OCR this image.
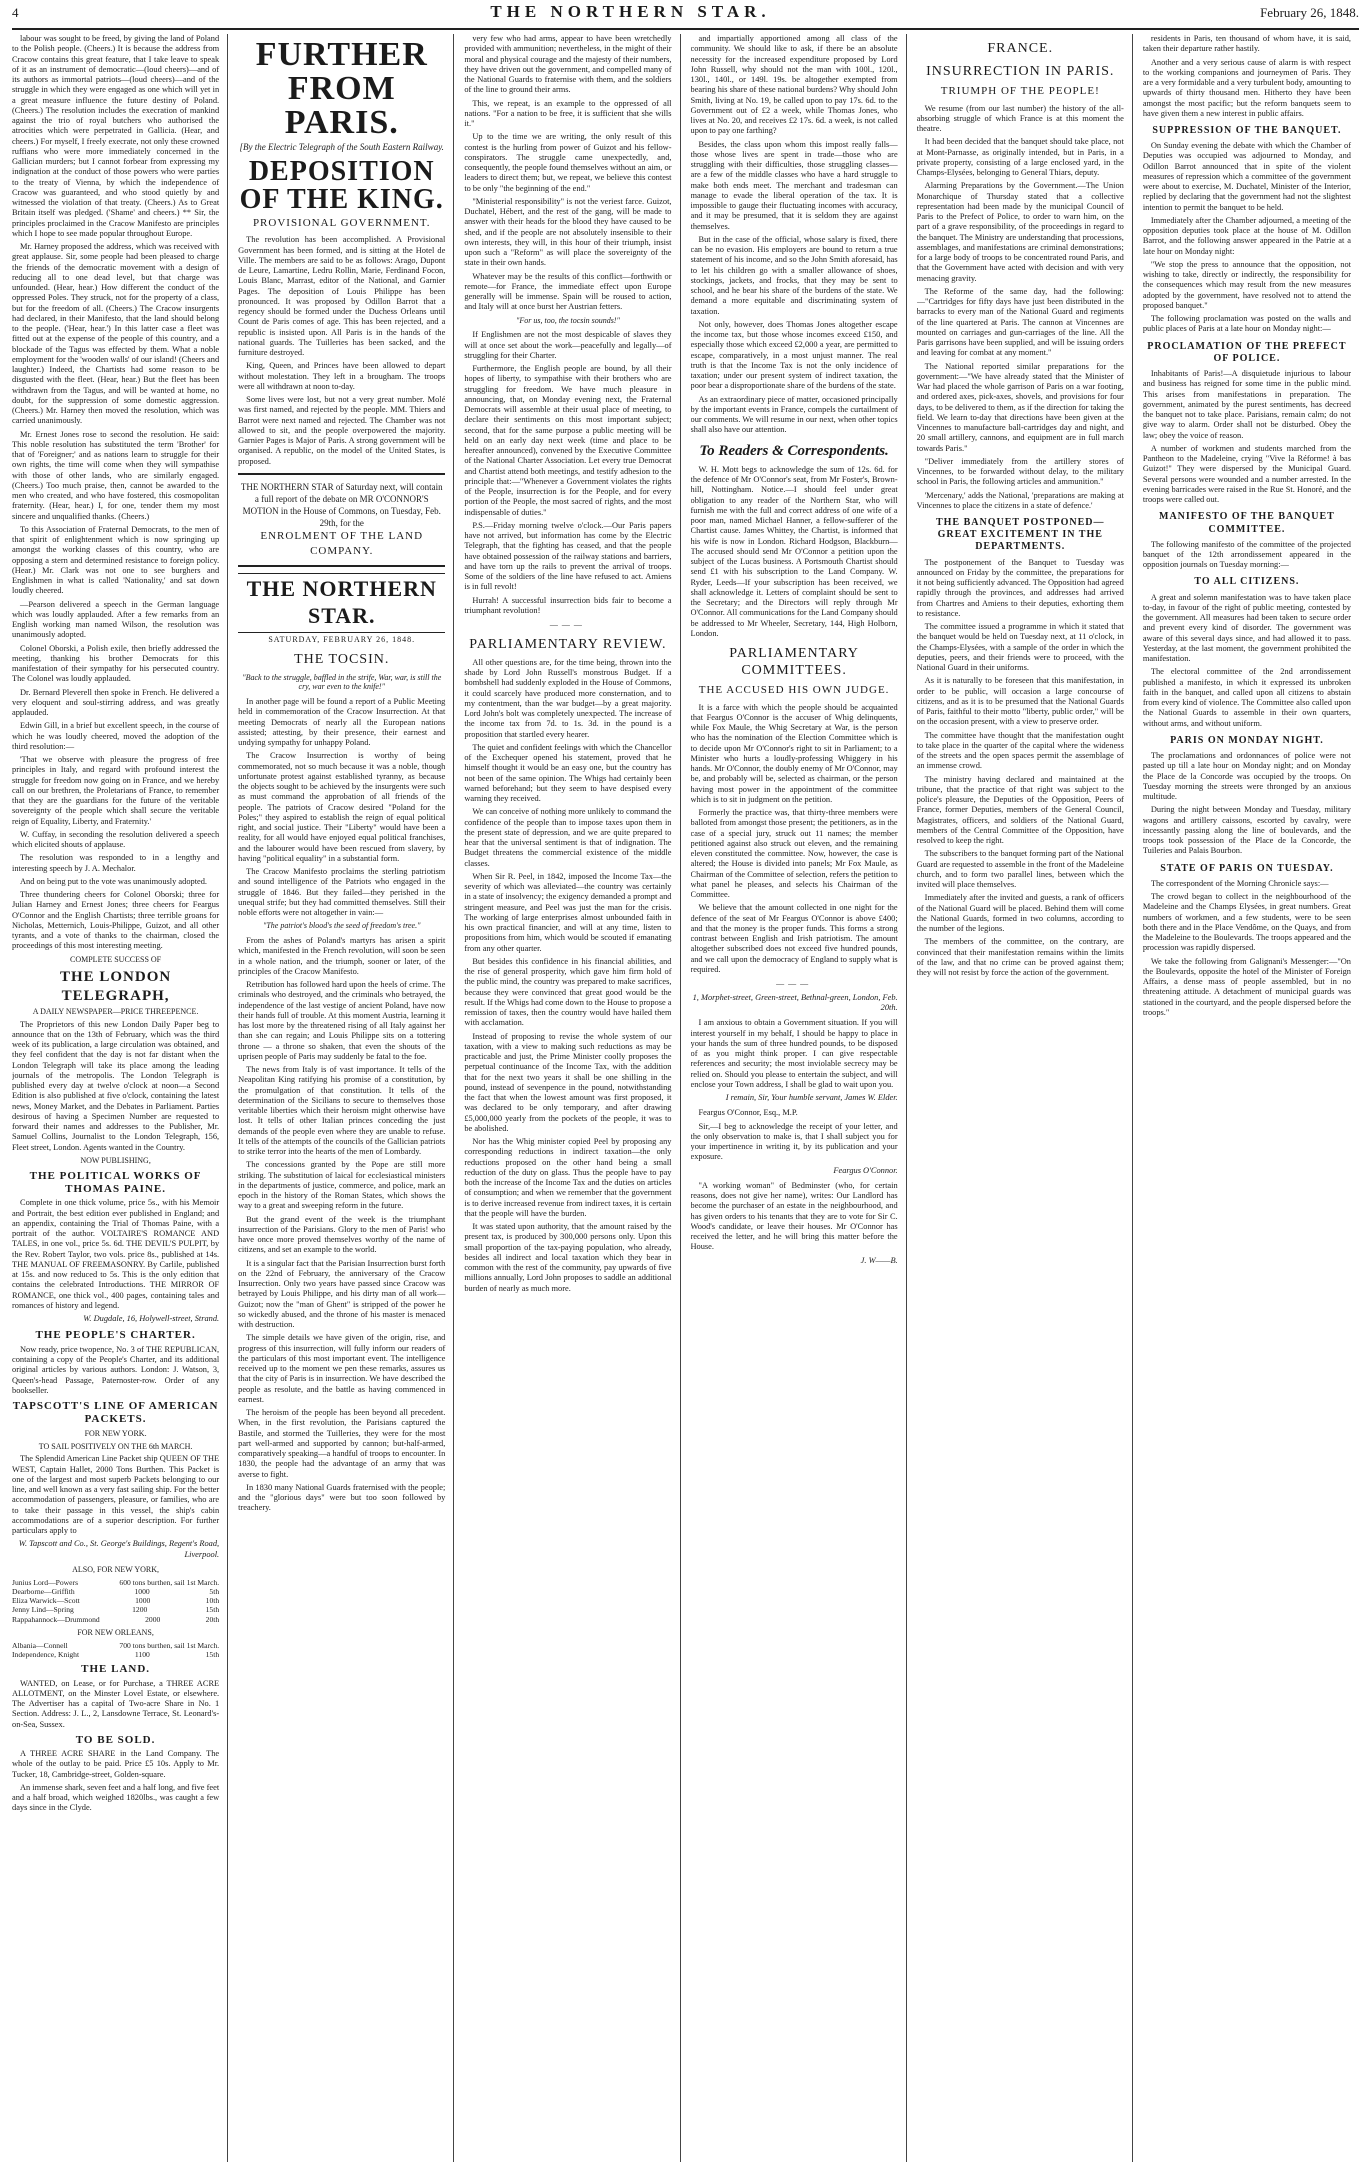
4	THE NORTHERN STAR.	February 26, 1848.

labour was sought to be freed, by giving the land of Poland to the Polish people. (Cheers.) It is because the address from Cracow contains this great feature, that I take leave to speak of it as an instrument of democratic—(loud cheers)—and of its authors as immortal patriots—(loud cheers)—and of the struggle in which they were engaged as one which will yet in a great measure influence the future destiny of Poland. (Cheers.) The resolution includes the execration of mankind against the trio of royal butchers who authorised the atrocities which were perpetrated in Gallicia. (Hear, and cheers.) For myself, I freely execrate, not only these crowned ruffians who were more immediately concerned in the Gallician murders; but I cannot forbear from expressing my indignation at the conduct of those powers who were parties to the treaty of Vienna, by which the independence of Cracow was guaranteed, and who stood quietly by and witnessed the violation of that treaty. (Cheers.) As to Great Britain itself was pledged. ('Shame' and cheers.) ** Sir, the principles proclaimed in the Cracow Manifesto are principles which I hope to see made popular throughout Europe.

Mr. Harney proposed the address, which was received with great applause. Sir, some people had been pleased to charge the friends of the democratic movement with a design of reducing all to one dead level, but that charge was unfounded. (Hear, hear.) How different the conduct of the oppressed Poles. They struck, not for the property of a class, but for the freedom of all. (Cheers.) The Cracow insurgents had declared, in their Manifesto, that the land should belong to the people. ('Hear, hear.') In this latter case a fleet was fitted out at the expense of the people of this country, and a blockade of the Tagus was effected by them. What a noble employment for the 'wooden walls' of our island! (Cheers and laughter.) Indeed, the Chartists had some reason to be disgusted with the fleet. (Hear, hear.) But the fleet has been withdrawn from the Tagus, and will be wanted at home, no doubt, for the suppression of some domestic aggression. (Cheers.) Mr. Harney then moved the resolution, which was carried unanimously.

Mr. Ernest Jones rose to second the resolution. He said: This noble resolution has substituted the term 'Brother' for that of 'Foreigner;' and as nations learn to struggle for their own rights, the time will come when they will sympathise with those of other lands, who are similarly engaged. (Cheers.) Too much praise, then, cannot be awarded to the men who created, and who have fostered, this cosmopolitan fraternity. (Hear, hear.) I, for one, tender them my most sincere and unqualified thanks. (Cheers.)

To this Association of Fraternal Democrats, to the men of that spirit of enlightenment which is now springing up amongst the working classes of this country, who are opposing a stern and determined resistance to foreign policy. (Hear.) Mr. Clark was not one to see burghers and Englishmen in what is called 'Nationality,' and sat down loudly cheered.

—Pearson delivered a speech in the German language which was loudly applauded. After a few remarks from an English working man named Wilson, the resolution was unanimously adopted.

Colonel Oborski, a Polish exile, then briefly addressed the meeting, thanking his brother Democrats for this manifestation of their sympathy for his persecuted country. The Colonel was loudly applauded.

Dr. Bernard Pleverell then spoke in French. He delivered a very eloquent and soul-stirring address, and was greatly applauded.

Edwin Gill, in a brief but excellent speech, in the course of which he was loudly cheered, moved the adoption of the third resolution:—

'That we observe with pleasure the progress of free principles in Italy, and regard with profound interest the struggle for freedom now going on in France, and we hereby call on our brethren, the Proletarians of France, to remember that they are the guardians for the future of the veritable sovereignty of the people which shall secure the veritable reign of Equality, Liberty, and Fraternity.'

W. Cuffay, in seconding the resolution delivered a speech which elicited shouts of applause.

The resolution was responded to in a lengthy and interesting speech by J. A. Mechalor.

And on being put to the vote was unanimously adopted.

Three thundering cheers for Colonel Oborski; three for Julian Harney and Ernest Jones; three cheers for Feargus O'Connor and the English Chartists; three terrible groans for Nicholas, Metternich, Louis-Philippe, Guizot, and all other tyrants, and a vote of thanks to the chairman, closed the proceedings of this most interesting meeting.

COMPLETE SUCCESS OF
THE LONDON TELEGRAPH,
A DAILY NEWSPAPER—PRICE THREEPENCE.

The Proprietors of this new London Daily Paper beg to announce that on the 13th of February, which was the third week of its publication, a large circulation was obtained, and they feel confident that the day is not far distant when the London Telegraph will take its place among the leading journals of the metropolis. The London Telegraph is published every day at twelve o'clock at noon—a Second Edition is also published at five o'clock, containing the latest news, Money Market, and the Debates in Parliament. Parties desirous of having a Specimen Number are requested to forward their names and addresses to the Publisher, Mr. Samuel Collins, Journalist to the London Telegraph, 156, Fleet street, London. Agents wanted in the Country.

NOW PUBLISHING,
THE POLITICAL WORKS OF THOMAS PAINE.

Complete in one thick volume, price 5s., with his Memoir and Portrait, the best edition ever published in England; and an appendix, containing the Trial of Thomas Paine, with a portrait of the author. VOLTAIRE'S ROMANCE AND TALES, in one vol., price 5s. 6d. THE DEVIL'S PULPIT, by the Rev. Robert Taylor, two vols. price 8s., published at 14s. THE MANUAL OF FREEMASONRY. By Carlile, published at 15s. and now reduced to 5s. This is the only edition that contains the celebrated Introductions. THE MIRROR OF ROMANCE, one thick vol., 400 pages, containing tales and romances of history and legend.

W. Dugdale, 16, Holywell-street, Strand.
THE PEOPLE'S CHARTER.

Now ready, price twopence, No. 3 of THE REPUBLICAN, containing a copy of the People's Charter, and its additional original articles by various authors. London: J. Watson, 3, Queen's-head Passage, Paternoster-row. Order of any bookseller.

TAPSCOTT'S LINE OF AMERICAN PACKETS.
FOR NEW YORK.
TO SAIL POSITIVELY ON THE 6th MARCH.

The Splendid American Line Packet ship QUEEN OF THE WEST, Captain Hallet, 2000 Tons Burthen. This Packet is one of the largest and most superb Packets belonging to our line, and well known as a very fast sailing ship. For the better accommodation of passengers, pleasure, or families, who are to take their passage in this vessel, the ship's cabin accommodations are of a superior description. For further particulars apply to

W. Tapscott and Co., St. George's Buildings, Regent's Road, Liverpool.
ALSO, FOR NEW YORK,
Junius Lord—Powers	600 tons burthen, sail 1st March.
Dearborne—Griffith	1000	5th
Eliza Warwick—Scott	1000	10th
Jenny Lind—Spring	1200	15th
Rappahannock—Drummond	2000	20th
FOR NEW ORLEANS,
Albania—Connell	700 tons burthen, sail 1st March.
Independence, Knight	1100	15th
THE LAND.

WANTED, on Lease, or for Purchase, a THREE ACRE ALLOTMENT, on the Minster Lovel Estate, or elsewhere. The Advertiser has a capital of Two-acre Share in No. 1 Section. Address: J. L., 2, Lansdowne Terrace, St. Leonard's-on-Sea, Sussex.

TO BE SOLD.

A THREE ACRE SHARE in the Land Company. The whole of the outlay to be paid. Price £5 10s. Apply to Mr. Tucker, 18, Cambridge-street, Golden-square.

An immense shark, seven feet and a half long, and five feet and a half broad, which weighed 1820lbs., was caught a few days since in the Clyde.

FURTHER FROM PARIS.
[By the Electric Telegraph of the South Eastern Railway.
DEPOSITION OF THE KING.
PROVISIONAL GOVERNMENT.

The revolution has been accomplished. A Provisional Government has been formed, and is sitting at the Hotel de Ville. The members are said to be as follows: Arago, Dupont de Leure, Lamartine, Ledru Rollin, Marie, Ferdinand Focon, Louis Blanc, Marrast, editor of the National, and Garnier Pages. The deposition of Louis Philippe has been pronounced. It was proposed by Odillon Barrot that a regency should be formed under the Duchess Orleans until Count de Paris comes of age. This has been rejected, and a republic is insisted upon. All Paris is in the hands of the national guards. The Tuilleries has been sacked, and the furniture destroyed.

King, Queen, and Princes have been allowed to depart without molestation. They left in a brougham. The troops were all withdrawn at noon to-day.

Some lives were lost, but not a very great number. Molé was first named, and rejected by the people. MM. Thiers and Barrot were next named and rejected. The Chamber was not allowed to sit, and the people overpowered the majority. Garnier Pages is Major of Paris. A strong government will be organised. A republic, on the model of the United States, is proposed.

THE NORTHERN STAR of Saturday next, will contain a full report of the debate on MR O'CONNOR'S MOTION in the House of Commons, on Tuesday, Feb. 29th, for the
ENROLMENT OF THE LAND COMPANY.
THE NORTHERN STAR.
SATURDAY, FEBRUARY 26, 1848.
THE TOCSIN.
"Back to the struggle, baffled in the strife, War, war, is still the cry, war even to the knife!"

In another page will be found a report of a Public Meeting held in commemoration of the Cracow Insurrection. At that meeting Democrats of nearly all the European nations assisted; attesting, by their presence, their earnest and undying sympathy for unhappy Poland.

The Cracow Insurrection is worthy of being commemorated, not so much because it was a noble, though unfortunate protest against established tyranny, as because the objects sought to be achieved by the insurgents were such as must command the approbation of all friends of the people. The patriots of Cracow desired "Poland for the Poles;" they aspired to establish the reign of equal political right, and social justice. Their "Liberty" would have been a reality, for all would have enjoyed equal political franchises, and the labourer would have been rescued from slavery, by having "political equality" in a substantial form.

The Cracow Manifesto proclaims the sterling patriotism and sound intelligence of the Patriots who engaged in the struggle of 1846. But they failed—they perished in the unequal strife; but they had committed themselves. Still their noble efforts were not altogether in vain:—

"The patriot's blood's the seed of freedom's tree."

From the ashes of Poland's martyrs has arisen a spirit which, manifested in the French revolution, will soon be seen in a whole nation, and the triumph, sooner or later, of the principles of the Cracow Manifesto.

Retribution has followed hard upon the heels of crime. The criminals who destroyed, and the criminals who betrayed, the independence of the last vestige of ancient Poland, have now their hands full of trouble. At this moment Austria, learning it has lost more by the threatened rising of all Italy against her than she can regain; and Louis Philippe sits on a tottering throne — a throne so shaken, that even the shouts of the uprisen people of Paris may suddenly be fatal to the foe.

The news from Italy is of vast importance. It tells of the Neapolitan King ratifying his promise of a constitution, by the promulgation of that constitution. It tells of the determination of the Sicilians to secure to themselves those veritable liberties which their heroism might otherwise have lost. It tells of other Italian princes conceding the just demands of the people even where they are unable to refuse. It tells of the attempts of the councils of the Gallician patriots to strike terror into the hearts of the men of Lombardy.

The concessions granted by the Pope are still more striking. The substitution of laical for ecclesiastical ministers in the departments of justice, commerce, and police, mark an epoch in the history of the Roman States, which shows the way to a great and sweeping reform in the future.

But the grand event of the week is the triumphant insurrection of the Parisians. Glory to the men of Paris! who have once more proved themselves worthy of the name of citizens, and set an example to the world.

It is a singular fact that the Parisian Insurrection burst forth on the 22nd of February, the anniversary of the Cracow Insurrection. Only two years have passed since Cracow was betrayed by Louis Philippe, and his dirty man of all work—Guizot; now the "man of Ghent" is stripped of the power he so wickedly abused, and the throne of his master is menaced with destruction.

The simple details we have given of the origin, rise, and progress of this insurrection, will fully inform our readers of the particulars of this most important event. The intelligence received up to the moment we pen these remarks, assures us that the city of Paris is in insurrection. We have described the people as resolute, and the battle as having commenced in earnest.

The heroism of the people has been beyond all precedent. When, in the first revolution, the Parisians captured the Bastile, and stormed the Tuilleries, they were for the most part well-armed and supported by cannon; but-half-armed, comparatively speaking—a handful of troops to encounter. In 1830, the people had the advantage of an army that was averse to fight.

In 1830 many National Guards fraternised with the people; and the "glorious days" were but too soon followed by treachery.

very few who had arms, appear to have been wretchedly provided with ammunition; nevertheless, in the might of their moral and physical courage and the majesty of their numbers, they have driven out the government, and compelled many of the National Guards to fraternise with them, and the soldiers of the line to ground their arms.

This, we repeat, is an example to the oppressed of all nations. "For a nation to be free, it is sufficient that she wills it."

Up to the time we are writing, the only result of this contest is the hurling from power of Guizot and his fellow-conspirators. The struggle came unexpectedly, and, consequently, the people found themselves without an aim, or leaders to direct them; but, we repeat, we believe this contest to be only "the beginning of the end."

"Ministerial responsibility" is not the veriest farce. Guizot, Duchatel, Hébert, and the rest of the gang, will be made to answer with their heads for the blood they have caused to be shed, and if the people are not absolutely insensible to their own interests, they will, in this hour of their triumph, insist upon such a "Reform" as will place the sovereignty of the state in their own hands.

Whatever may be the results of this conflict—forthwith or remote—for France, the immediate effect upon Europe generally will be immense. Spain will be roused to action, and Italy will at once burst her Austrian fetters.

"For us, too, the tocsin sounds!"

If Englishmen are not the most despicable of slaves they will at once set about the work—peacefully and legally—of struggling for their Charter.

Furthermore, the English people are bound, by all their hopes of liberty, to sympathise with their brothers who are struggling for freedom. We have much pleasure in announcing, that, on Monday evening next, the Fraternal Democrats will assemble at their usual place of meeting, to declare their sentiments on this most important subject; second, that for the same purpose a public meeting will be held on an early day next week (time and place to be hereafter announced), convened by the Executive Committee of the National Charter Association. Let every true Democrat and Chartist attend both meetings, and testify adhesion to the principle that:—"Whenever a Government violates the rights of the People, insurrection is for the People, and for every portion of the People, the most sacred of rights, and the most indispensable of duties."

P.S.—Friday morning twelve o'clock.—Our Paris papers have not arrived, but information has come by the Electric Telegraph, that the fighting has ceased, and that the people have obtained possession of the railway stations and barriers, and have torn up the rails to prevent the arrival of troops. Some of the soldiers of the line have refused to act. Amiens is in full revolt!

Hurrah! A successful insurrection bids fair to become a triumphant revolution!

———
PARLIAMENTARY REVIEW.

All other questions are, for the time being, thrown into the shade by Lord John Russell's monstrous Budget. If a bombshell had suddenly exploded in the House of Commons, it could scarcely have produced more consternation, and to my contentment, than the war budget—by a great majority. Lord John's bolt was completely unexpected. The increase of the income tax from 7d. to 1s. 3d. in the pound is a proposition that startled every hearer.

The quiet and confident feelings with which the Chancellor of the Exchequer opened his statement, proved that he himself thought it would be an easy one, but the country has not been of the same opinion. The Whigs had certainly been warned beforehand; but they seem to have despised every warning they received.

We can conceive of nothing more unlikely to command the confidence of the people than to impose taxes upon them in the present state of depression, and we are quite prepared to hear that the universal sentiment is that of indignation. The Budget threatens the commercial existence of the middle classes.

When Sir R. Peel, in 1842, imposed the Income Tax—the severity of which was alleviated—the country was certainly in a state of insolvency; the exigency demanded a prompt and stringent measure, and Peel was just the man for the crisis. The working of large enterprises almost unbounded faith in his own practical financier, and will at any time, listen to propositions from him, which would be scouted if emanating from any other quarter.

But besides this confidence in his financial abilities, and the rise of general prosperity, which gave him firm hold of the public mind, the country was prepared to make sacrifices, because they were convinced that great good would be the result. If the Whigs had come down to the House to propose a remission of taxes, then the country would have hailed them with acclamation.

Instead of proposing to revise the whole system of our taxation, with a view to making such reductions as may be practicable and just, the Prime Minister coolly proposes the perpetual continuance of the Income Tax, with the addition that for the next two years it shall be one shilling in the pound, instead of sevenpence in the pound, notwithstanding the fact that when the lowest amount was first proposed, it was declared to be only temporary, and after drawing £5,000,000 yearly from the pockets of the people, it was to be abolished.

Nor has the Whig minister copied Peel by proposing any corresponding reductions in indirect taxation—the only reductions proposed on the other hand being a small reduction of the duty on glass. Thus the people have to pay both the increase of the Income Tax and the duties on articles of consumption; and when we remember that the government is to derive increased revenue from indirect taxes, it is certain that the people will have the burden.

It was stated upon authority, that the amount raised by the present tax, is produced by 300,000 persons only. Upon this small proportion of the tax-paying population, who already, besides all indirect and local taxation which they bear in common with the rest of the community, pay upwards of five millions annually, Lord John proposes to saddle an additional burden of nearly as much more.

and impartially apportioned among all class of the community. We should like to ask, if there be an absolute necessity for the increased expenditure proposed by Lord John Russell, why should not the man with 100l., 120l., 130l., 140l., or 149l. 19s. be altogether exempted from bearing his share of these national burdens? Why should John Smith, living at No. 19, be called upon to pay 17s. 6d. to the Government out of £2 a week, while Thomas Jones, who lives at No. 20, and receives £2 17s. 6d. a week, is not called upon to pay one farthing?

Besides, the class upon whom this impost really falls—those whose lives are spent in trade—those who are struggling with their difficulties, those struggling classes—are a few of the middle classes who have a hard struggle to make both ends meet. The merchant and tradesman can manage to evade the liberal operation of the tax. It is impossible to gauge their fluctuating incomes with accuracy, and it may be presumed, that it is seldom they are against themselves.

But in the case of the official, whose salary is fixed, there can be no evasion. His employers are bound to return a true statement of his income, and so the John Smith aforesaid, has to let his children go with a smaller allowance of shoes, stockings, jackets, and frocks, that they may be sent to school, and he bear his share of the burdens of the state. We demand a more equitable and discriminating system of taxation.

Not only, however, does Thomas Jones altogether escape the income tax, but those whose incomes exceed £150, and especially those which exceed £2,000 a year, are permitted to escape, comparatively, in a most unjust manner. The real truth is that the Income Tax is not the only incidence of taxation; under our present system of indirect taxation, the poor bear a disproportionate share of the burdens of the state.

As an extraordinary piece of matter, occasioned principally by the important events in France, compels the curtailment of our comments. We will resume in our next, when other topics shall also have our attention.

To Readers & Correspondents.

W. H. Mott begs to acknowledge the sum of 12s. 6d. for the defence of Mr O'Connor's seat, from Mr Foster's, Brown-hill, Nottingham. Notice.—I should feel under great obligation to any reader of the Northern Star, who will furnish me with the full and correct address of one wife of a poor man, named Michael Hanner, a fellow-sufferer of the Chartist cause. James Whittey, the Chartist, is informed that his wife is now in London. Richard Hodgson, Blackburn—The accused should send Mr O'Connor a petition upon the subject of the Lucas business. A Portsmouth Chartist should send £1 with his subscription to the Land Company. W. Ryder, Leeds—If your subscription has been received, we shall acknowledge it. Letters of complaint should be sent to the Secretary; and the Directors will reply through Mr O'Connor. All communications for the Land Company should be addressed to Mr Wheeler, Secretary, 144, High Holborn, London.

PARLIAMENTARY COMMITTEES.
THE ACCUSED HIS OWN JUDGE.

It is a farce with which the people should be acquainted that Feargus O'Connor is the accuser of Whig delinquents, while Fox Maule, the Whig Secretary at War, is the person who has the nomination of the Election Committee which is to decide upon Mr O'Connor's right to sit in Parliament; to a Minister who hurts a loudly-professing Whiggery in his hands. Mr O'Connor, the doubly enemy of Mr O'Connor, may be, and probably will be, selected as chairman, or the person having most power in the appointment of the committee which is to sit in judgment on the petition.

Formerly the practice was, that thirty-three members were balloted from amongst those present; the petitioners, as in the case of a special jury, struck out 11 names; the member petitioned against also struck out eleven, and the remaining eleven constituted the committee. Now, however, the case is altered; the House is divided into panels; Mr Fox Maule, as Chairman of the Committee of selection, refers the petition to what panel he pleases, and selects his Chairman of the Committee.

We believe that the amount collected in one night for the defence of the seat of Mr Feargus O'Connor is above £400; and that the money is the proper funds. This forms a strong contrast between English and Irish patriotism. The amount altogether subscribed does not exceed five hundred pounds, and we call upon the democracy of England to supply what is required.

———
1, Morphet-street, Green-street, Bethnal-green, London, Feb. 20th.

I am anxious to obtain a Government situation. If you will interest yourself in my behalf, I should be happy to place in your hands the sum of three hundred pounds, to be disposed of as you might think proper. I can give respectable references and security; the most inviolable secrecy may be relied on. Should you please to entertain the subject, and will enclose your Town address, I shall be glad to wait upon you.

I remain, Sir, Your humble servant, James W. Elder.

Feargus O'Connor, Esq., M.P.

Sir,—I beg to acknowledge the receipt of your letter, and the only observation to make is, that I shall subject you for your impertinence in writing it, by its publication and your exposure.

Feargus O'Connor.

"A working woman" of Bedminster (who, for certain reasons, does not give her name), writes: Our Landlord has become the purchaser of an estate in the neighbourhood, and has given orders to his tenants that they are to vote for Sir C. Wood's candidate, or leave their houses. Mr O'Connor has received the letter, and he will bring this matter before the House.

J. W——B.
FRANCE.
INSURRECTION IN PARIS.
TRIUMPH OF THE PEOPLE!

We resume (from our last number) the history of the all-absorbing struggle of which France is at this moment the theatre.

It had been decided that the banquet should take place, not at Mont-Parnasse, as originally intended, but in Paris, in a private property, consisting of a large enclosed yard, in the Champs-Elysées, belonging to General Thiars, deputy.

Alarming Preparations by the Government.—The Union Monarchique of Thursday stated that a collective representation had been made by the municipal Council of Paris to the Prefect of Police, to order to warn him, on the part of a grave responsibility, of the proceedings in regard to the banquet. The Ministry are understanding that processions, assemblages, and manifestations are criminal demonstrations; for a large body of troops to be concentrated round Paris, and that the Government have acted with decision and with very menacing gravity.

The Reforme of the same day, had the following:—"Cartridges for fifty days have just been distributed in the barracks to every man of the National Guard and regiments of the line quartered at Paris. The cannon at Vincennes are mounted on carriages and gun-carriages of the line. All the Paris garrisons have been supplied, and will be issuing orders and leaving for combat at any moment."

The National reported similar preparations for the government:—"We have already stated that the Minister of War had placed the whole garrison of Paris on a war footing, and ordered axes, pick-axes, shovels, and provisions for four days, to be delivered to them, as if the direction for taking the field. We learn to-day that directions have been given at the Vincennes to manufacture ball-cartridges day and night, and 20 small artillery, cannons, and equipment are in full march towards Paris."

"Deliver immediately from the artillery stores of Vincennes, to be forwarded without delay, to the military school in Paris, the following articles and ammunition."

'Mercenary,' adds the National, 'preparations are making at Vincennes to place the citizens in a state of defence.'

THE BANQUET POSTPONED—GREAT EXCITEMENT IN THE DEPARTMENTS.

The postponement of the Banquet to Tuesday was announced on Friday by the committee, the preparations for it not being sufficiently advanced. The Opposition had agreed rapidly through the provinces, and addresses had arrived from Chartres and Amiens to their deputies, exhorting them to resistance.

The committee issued a programme in which it stated that the banquet would be held on Tuesday next, at 11 o'clock, in the Champs-Elysées, with a sample of the order in which the deputies, peers, and their friends were to proceed, with the National Guard in their uniforms.

As it is naturally to be foreseen that this manifestation, in order to be public, will occasion a large concourse of citizens, and as it is to be presumed that the National Guards of Paris, faithful to their motto "liberty, public order," will be on the occasion present, with a view to preserve order.

The committee have thought that the manifestation ought to take place in the quarter of the capital where the wideness of the streets and the open spaces permit the assemblage of an immense crowd.

The ministry having declared and maintained at the tribune, that the practice of that right was subject to the police's pleasure, the Deputies of the Opposition, Peers of France, former Deputies, members of the General Council, Magistrates, officers, and soldiers of the National Guard, members of the Central Committee of the Opposition, have resolved to keep the right.

The subscribers to the banquet forming part of the National Guard are requested to assemble in the front of the Madeleine church, and to form two parallel lines, between which the invited will place themselves.

Immediately after the invited and guests, a rank of officers of the National Guard will be placed. Behind them will come the National Guards, formed in two columns, according to the number of the legions.

The members of the committee, on the contrary, are convinced that their manifestation remains within the limits of the law, and that no crime can be proved against them; they will not resist by force the action of the government.

residents in Paris, ten thousand of whom have, it is said, taken their departure rather hastily.

Another and a very serious cause of alarm is with respect to the working companions and journeymen of Paris. They are a very formidable and a very turbulent body, amounting to upwards of thirty thousand men. Hitherto they have been amongst the most pacific; but the reform banquets seem to have given them a new interest in public affairs.

SUPPRESSION OF THE BANQUET.

On Sunday evening the debate with which the Chamber of Deputies was occupied was adjourned to Monday, and Odillon Barrot announced that in spite of the violent measures of repression which a committee of the government were about to exercise, M. Duchatel, Minister of the Interior, replied by declaring that the government had not the slightest intention to permit the banquet to be held.

Immediately after the Chamber adjourned, a meeting of the opposition deputies took place at the house of M. Odillon Barrot, and the following answer appeared in the Patrie at a late hour on Monday night:

"We stop the press to announce that the opposition, not wishing to take, directly or indirectly, the responsibility for the consequences which may result from the new measures adopted by the government, have resolved not to attend the proposed banquet."

The following proclamation was posted on the walls and public places of Paris at a late hour on Monday night:—

PROCLAMATION OF THE PREFECT OF POLICE.

Inhabitants of Paris!—A disquietude injurious to labour and business has reigned for some time in the public mind. This arises from manifestations in preparation. The government, animated by the purest sentiments, has decreed the banquet not to take place. Parisians, remain calm; do not give way to alarm. Order shall not be disturbed. Obey the law; obey the voice of reason.

A number of workmen and students marched from the Pantheon to the Madeleine, crying "Vive la Réforme! à bas Guizot!" They were dispersed by the Municipal Guard. Several persons were wounded and a number arrested. In the evening barricades were raised in the Rue St. Honoré, and the troops were called out.

MANIFESTO OF THE BANQUET COMMITTEE.

The following manifesto of the committee of the projected banquet of the 12th arrondissement appeared in the opposition journals on Tuesday morning:—

TO ALL CITIZENS.

A great and solemn manifestation was to have taken place to-day, in favour of the right of public meeting, contested by the government. All measures had been taken to secure order and prevent every kind of disorder. The government was aware of this several days since, and had allowed it to pass. Yesterday, at the last moment, the government prohibited the manifestation.

The electoral committee of the 2nd arrondissement published a manifesto, in which it expressed its unbroken faith in the banquet, and called upon all citizens to abstain from every kind of violence. The Committee also called upon the National Guards to assemble in their own quarters, without arms, and without uniform.

PARIS ON MONDAY NIGHT.

The proclamations and ordonnances of police were not pasted up till a late hour on Monday night; and on Monday the Place de la Concorde was occupied by the troops. On Tuesday morning the streets were thronged by an anxious multitude.

During the night between Monday and Tuesday, military wagons and artillery caissons, escorted by cavalry, were incessantly passing along the line of boulevards, and the troops took possession of the Place de la Concorde, the Tuileries and Palais Bourbon.

STATE OF PARIS ON TUESDAY.

The correspondent of the Morning Chronicle says:—

The crowd began to collect in the neighbourhood of the Madeleine and the Champs Elysées, in great numbers. Great numbers of workmen, and a few students, were to be seen both there and in the Place Vendôme, on the Quays, and from the Madeleine to the Boulevards. The troops appeared and the procession was rapidly dispersed.

We take the following from Galignani's Messenger:—"On the Boulevards, opposite the hotel of the Minister of Foreign Affairs, a dense mass of people assembled, but in no threatening attitude. A detachment of municipal guards was stationed in the courtyard, and the people dispersed before the troops."
